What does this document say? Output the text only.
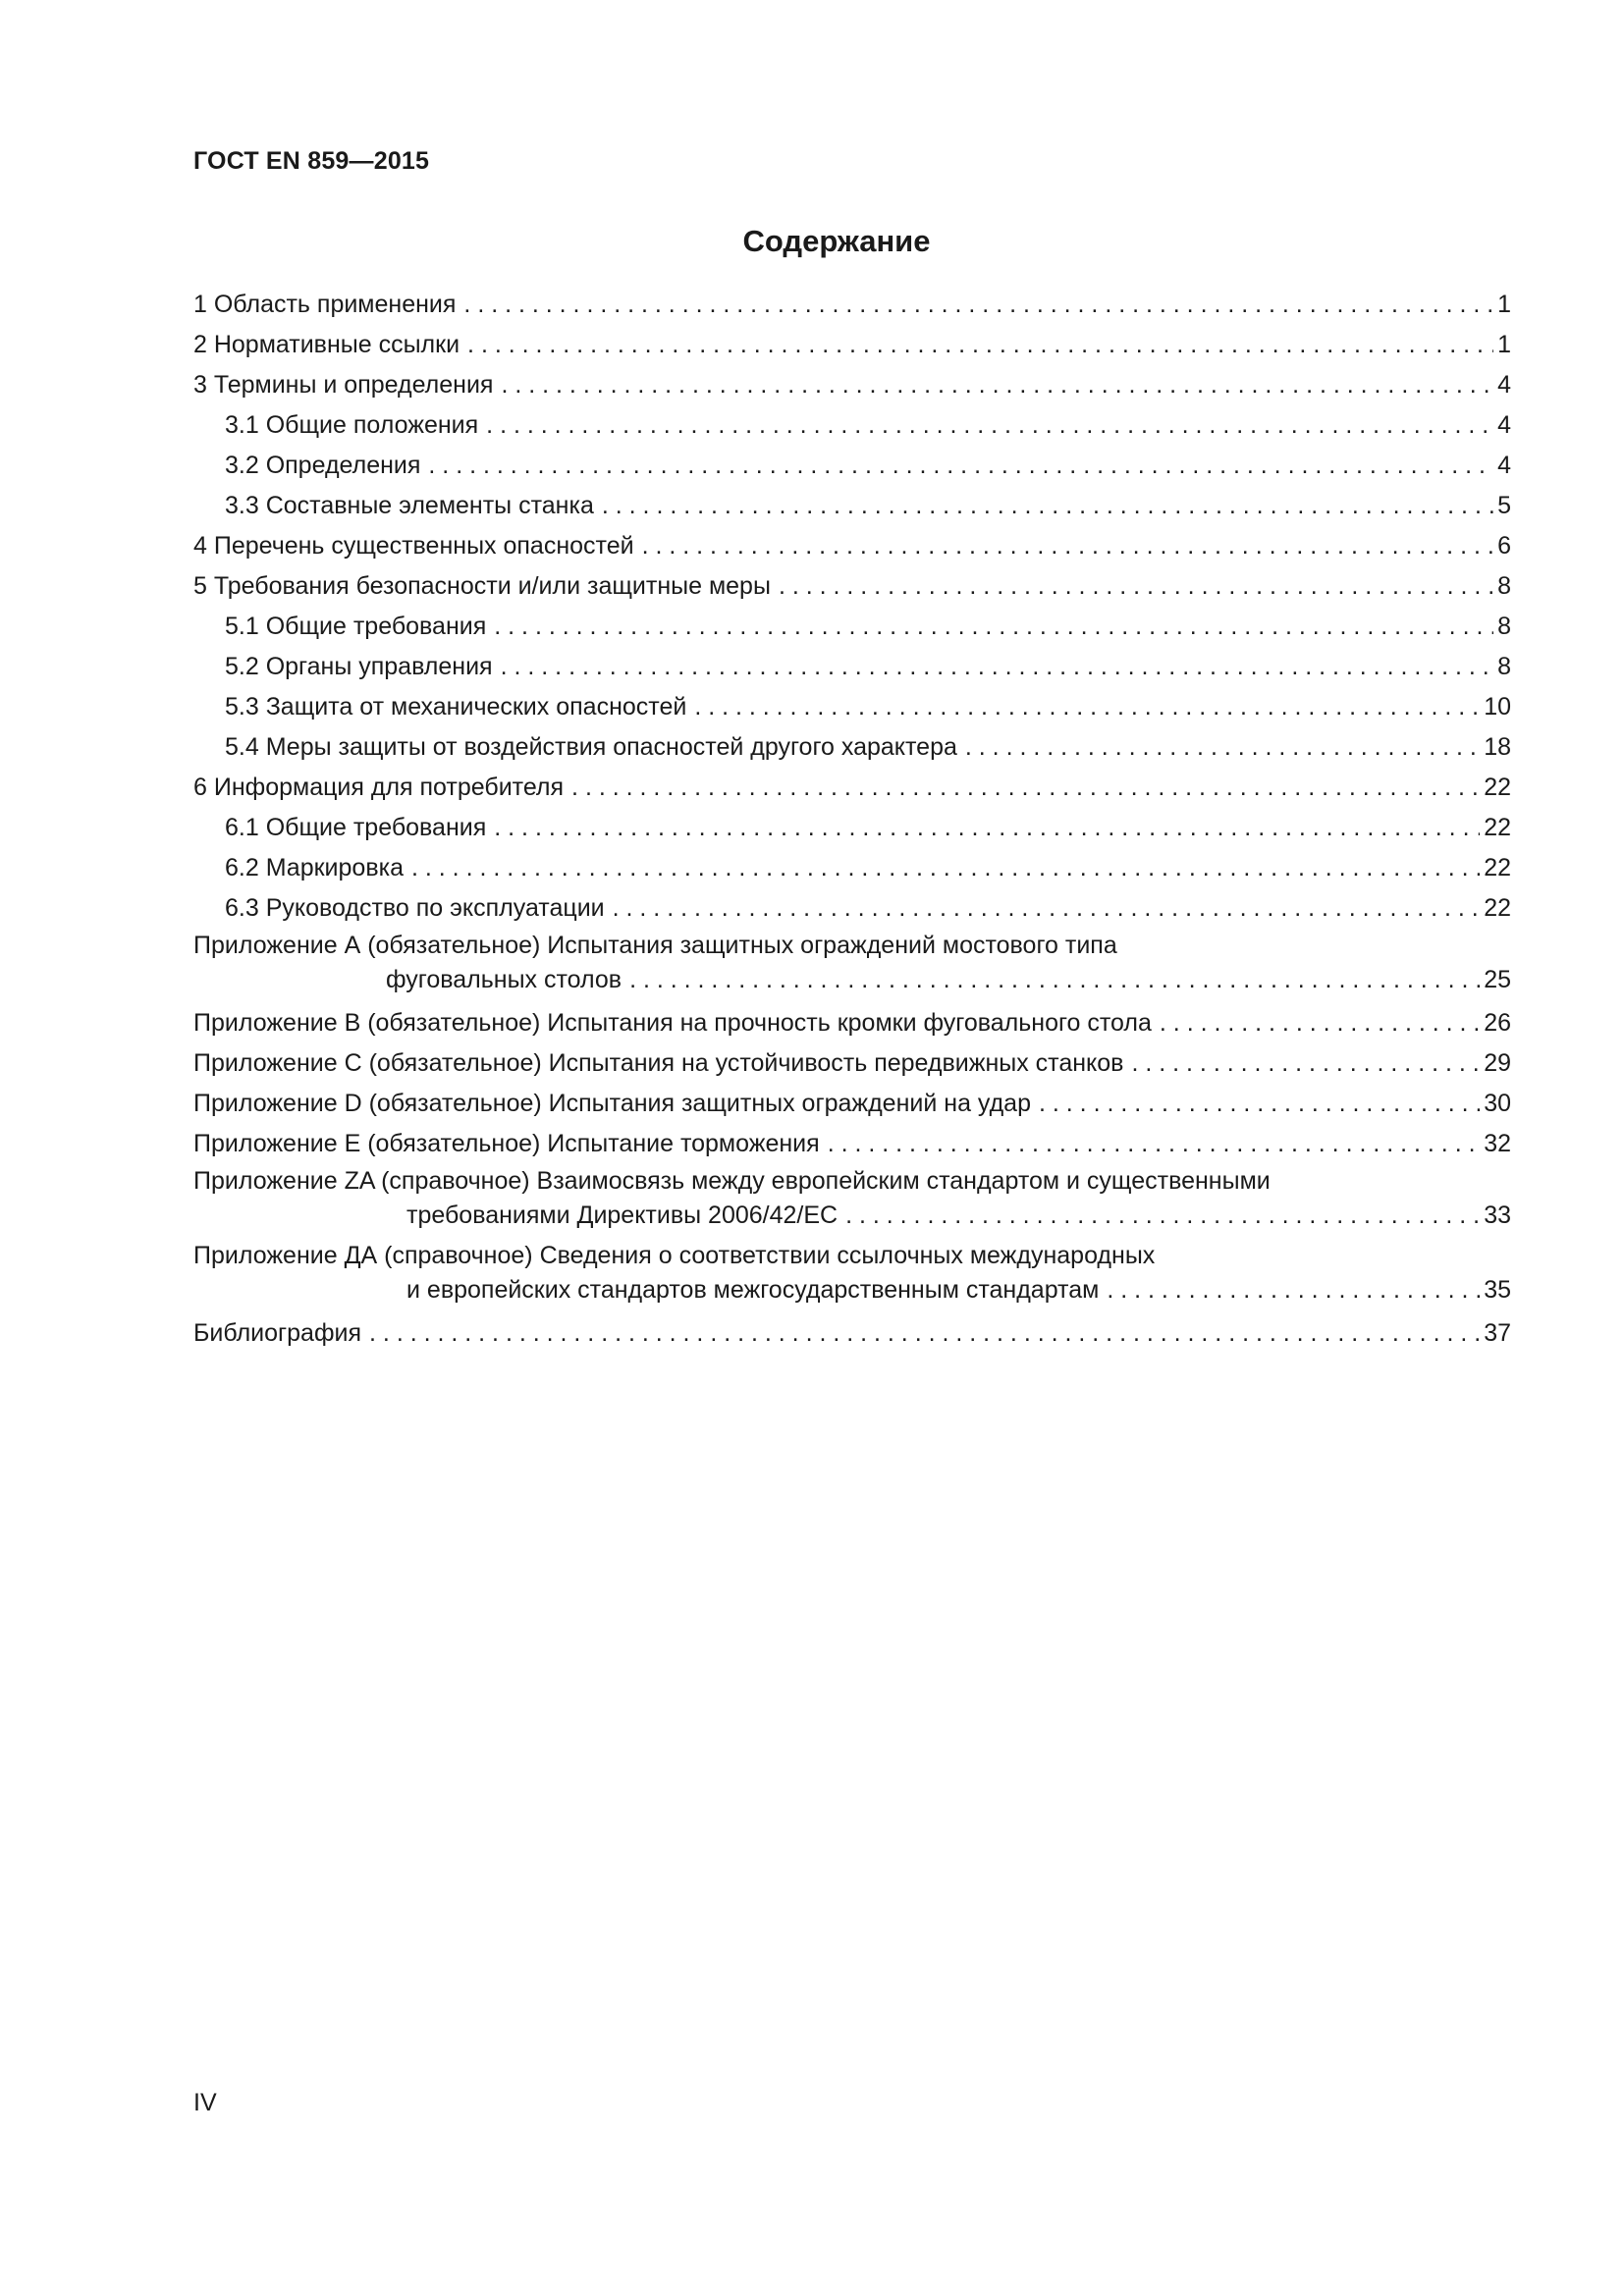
ГОСТ EN 859—2015
Содержание
1 Область применения . . .	1
2 Нормативные ссылки . . .	1
3 Термины и определения . . .	4
3.1 Общие положения . . .	4
3.2 Определения . . .	4
3.3 Составные элементы станка . . .	5
4 Перечень существенных опасностей . . .	6
5 Требования безопасности и/или защитные меры . . .	8
5.1 Общие требования . . .	8
5.2 Органы управления . . .	8
5.3 Защита от механических опасностей . . .	10
5.4 Меры защиты от воздействия опасностей другого характера . . .	18
6 Информация для потребителя . . .	22
6.1 Общие требования . . .	22
6.2 Маркировка . . .	22
6.3 Руководство по эксплуатации . . .	22
Приложение А (обязательное) Испытания защитных ограждений мостового типа
фуговальных столов . . .	25
Приложение В (обязательное) Испытания на прочность кромки фуговального стола . . .	26
Приложение С (обязательное) Испытания на устойчивость передвижных станков . . .	29
Приложение D (обязательное) Испытания защитных ограждений на удар . . .	30
Приложение Е (обязательное) Испытание торможения . . .	32
Приложение ZA (справочное) Взаимосвязь между европейским стандартом и существенными
требованиями Директивы 2006/42/ЕС . . .	33
Приложение ДА (справочное) Сведения о соответствии ссылочных международных
и европейских стандартов межгосударственным стандартам . . .	35
Библиография . . .	37
IV
